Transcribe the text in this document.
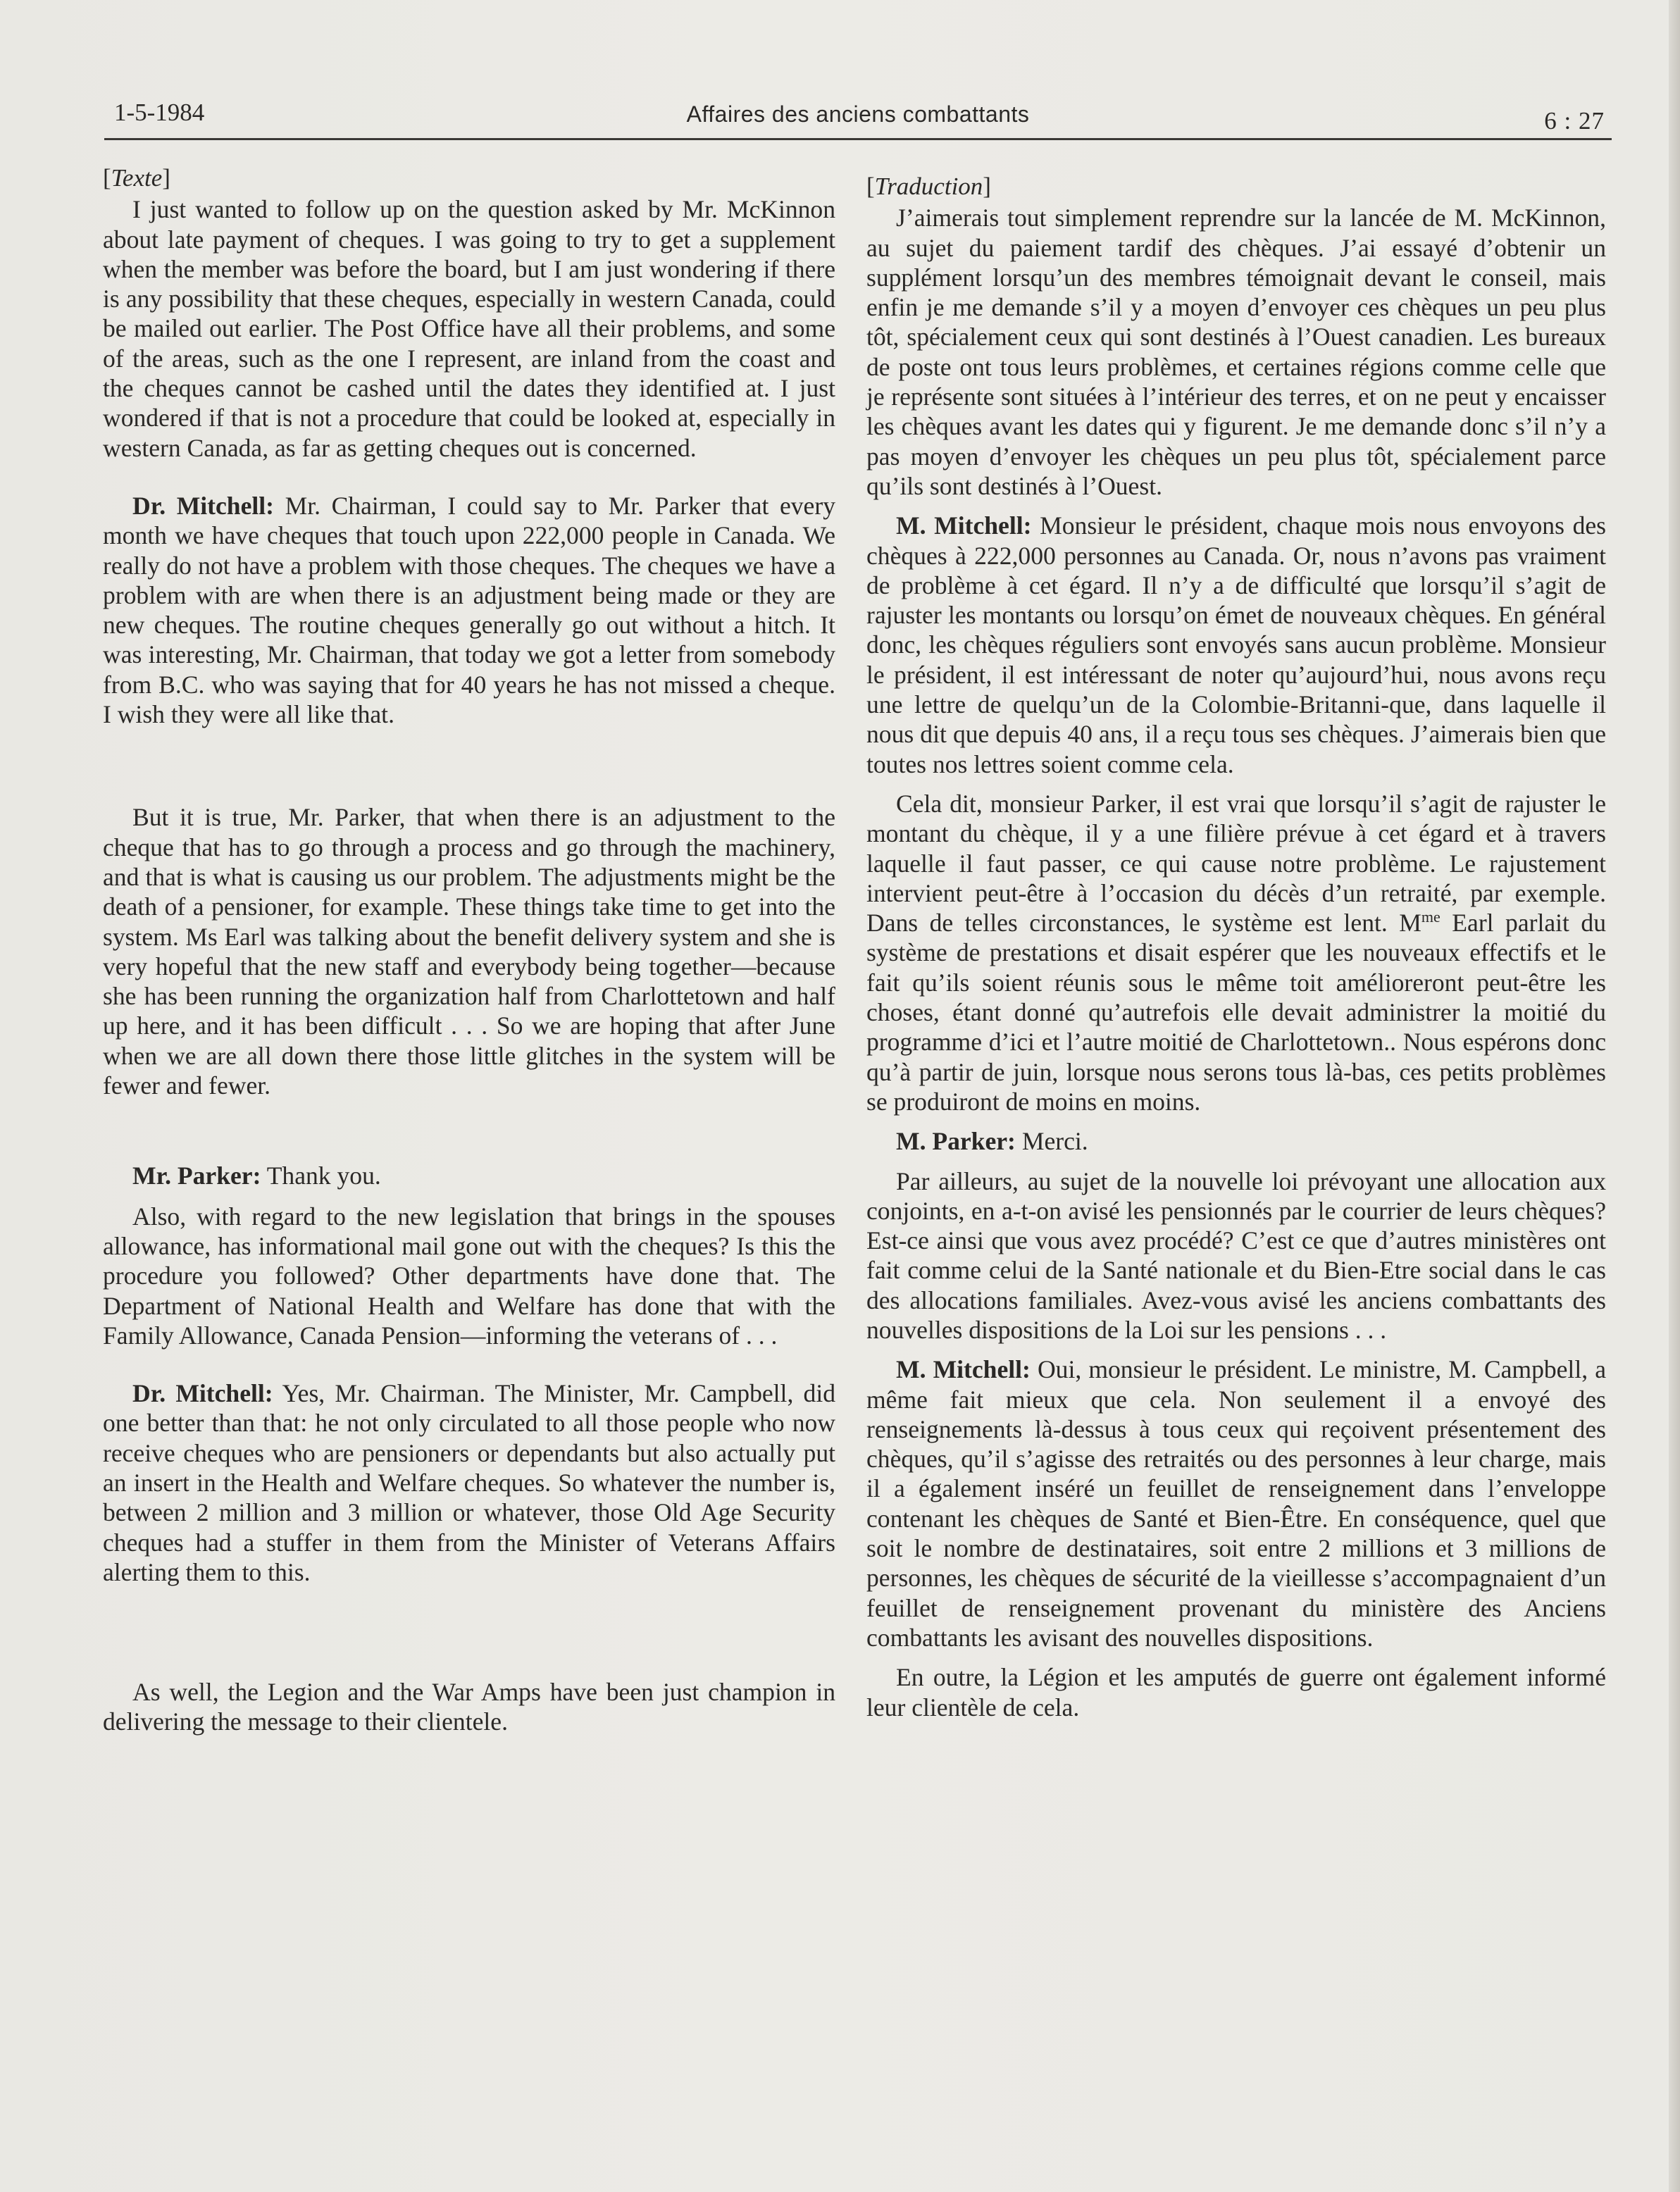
1-5-1984	Affaires des anciens combattants	6 : 27

[Texte]

I just wanted to follow up on the question asked by Mr. McKinnon about late payment of cheques. I was going to try to get a supplement when the member was before the board, but I am just wondering if there is any possibility that these cheques, especially in western Canada, could be mailed out earlier. The Post Office have all their problems, and some of the areas, such as the one I represent, are inland from the coast and the cheques cannot be cashed until the dates they identified at. I just wondered if that is not a procedure that could be looked at, especially in western Canada, as far as getting cheques out is concerned.

Dr. Mitchell: Mr. Chairman, I could say to Mr. Parker that every month we have cheques that touch upon 222,000 people in Canada. We really do not have a problem with those cheques. The cheques we have a problem with are when there is an adjustment being made or they are new cheques. The routine cheques generally go out without a hitch. It was interesting, Mr. Chairman, that today we got a letter from somebody from B.C. who was saying that for 40 years he has not missed a cheque. I wish they were all like that.

But it is true, Mr. Parker, that when there is an adjustment to the cheque that has to go through a process and go through the machinery, and that is what is causing us our problem. The adjustments might be the death of a pensioner, for example. These things take time to get into the system. Ms Earl was talking about the benefit delivery system and she is very hopeful that the new staff and everybody being together—because she has been running the organization half from Charlottetown and half up here, and it has been difficult . . . So we are hoping that after June when we are all down there those little glitches in the system will be fewer and fewer.

Mr. Parker: Thank you.

Also, with regard to the new legislation that brings in the spouses allowance, has informational mail gone out with the cheques? Is this the procedure you followed? Other departments have done that. The Department of National Health and Welfare has done that with the Family Allowance, Canada Pension—informing the veterans of . . .

Dr. Mitchell: Yes, Mr. Chairman. The Minister, Mr. Campbell, did one better than that: he not only circulated to all those people who now receive cheques who are pensioners or dependants but also actually put an insert in the Health and Welfare cheques. So whatever the number is, between 2 million and 3 million or whatever, those Old Age Security cheques had a stuffer in them from the Minister of Veterans Affairs alerting them to this.

As well, the Legion and the War Amps have been just champion in delivering the message to their clientele.

[Traduction]

J’aimerais tout simplement reprendre sur la lancée de M. McKinnon, au sujet du paiement tardif des chèques. J’ai essayé d’obtenir un supplément lorsqu’un des membres témoignait devant le conseil, mais enfin je me demande s’il y a moyen d’envoyer ces chèques un peu plus tôt, spécialement ceux qui sont destinés à l’Ouest canadien. Les bureaux de poste ont tous leurs problèmes, et certaines régions comme celle que je représente sont situées à l’intérieur des terres, et on ne peut y encaisser les chèques avant les dates qui y figurent. Je me demande donc s’il n’y a pas moyen d’envoyer les chèques un peu plus tôt, spécialement parce qu’ils sont destinés à l’Ouest.

M. Mitchell: Monsieur le président, chaque mois nous envoyons des chèques à 222,000 personnes au Canada. Or, nous n’avons pas vraiment de problème à cet égard. Il n’y a de difficulté que lorsqu’il s’agit de rajuster les montants ou lorsqu’on émet de nouveaux chèques. En général donc, les chèques réguliers sont envoyés sans aucun problème. Monsieur le président, il est intéressant de noter qu’aujourd’hui, nous avons reçu une lettre de quelqu’un de la Colombie-Britanni-que, dans laquelle il nous dit que depuis 40 ans, il a reçu tous ses chèques. J’aimerais bien que toutes nos lettres soient comme cela.

Cela dit, monsieur Parker, il est vrai que lorsqu’il s’agit de rajuster le montant du chèque, il y a une filière prévue à cet égard et à travers laquelle il faut passer, ce qui cause notre problème. Le rajustement intervient peut-être à l’occasion du décès d’un retraité, par exemple. Dans de telles circonstances, le système est lent. $M^{me}$ Earl parlait du système de prestations et disait espérer que les nouveaux effectifs et le fait qu’ils soient réunis sous le même toit amélioreront peut-être les choses, étant donné qu’autrefois elle devait administrer la moitié du programme d’ici et l’autre moitié de Charlottetown.. Nous espérons donc qu’à partir de juin, lorsque nous serons tous là-bas, ces petits problèmes se produiront de moins en moins.

M. Parker: Merci.

Par ailleurs, au sujet de la nouvelle loi prévoyant une allocation aux conjoints, en a-t-on avisé les pensionnés par le courrier de leurs chèques? Est-ce ainsi que vous avez procédé? C’est ce que d’autres ministères ont fait comme celui de la Santé nationale et du Bien-Etre social dans le cas des allocations familiales. Avez-vous avisé les anciens combattants des nouvelles dispositions de la Loi sur les pensions . . .

M. Mitchell: Oui, monsieur le président. Le ministre, M. Campbell, a même fait mieux que cela. Non seulement il a envoyé des renseignements là-dessus à tous ceux qui reçoivent présentement des chèques, qu’il s’agisse des retraités ou des personnes à leur charge, mais il a également inséré un feuillet de renseignement dans l’enveloppe contenant les chèques de Santé et Bien-Être. En conséquence, quel que soit le nombre de destinataires, soit entre 2 millions et 3 millions de personnes, les chèques de sécurité de la vieillesse s’accompagnaient d’un feuillet de renseignement provenant du ministère des Anciens combattants les avisant des nouvelles dispositions.

En outre, la Légion et les amputés de guerre ont également informé leur clientèle de cela.
